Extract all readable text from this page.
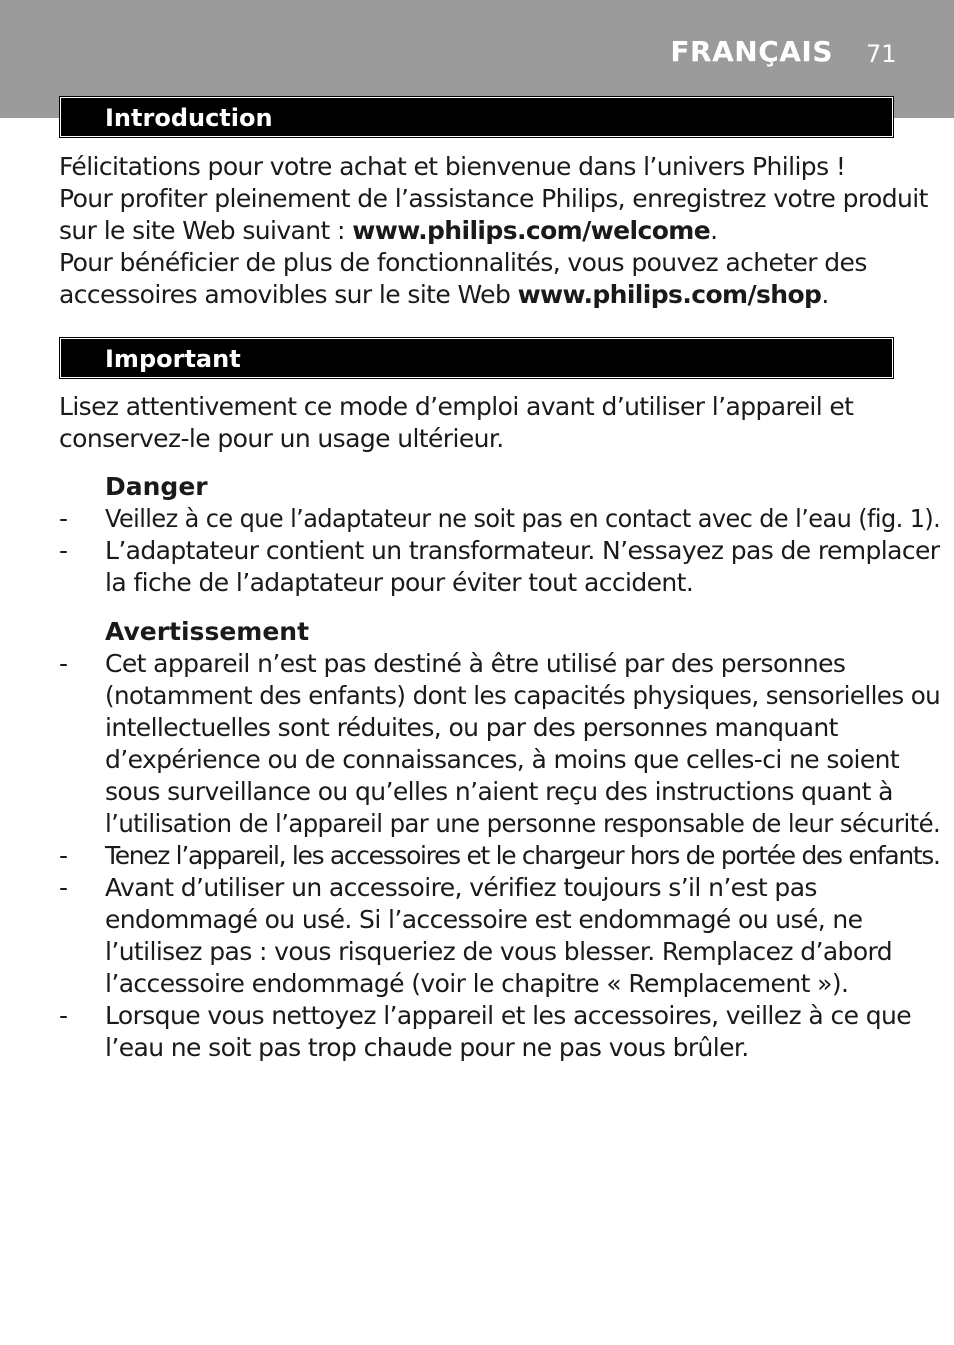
FRANÇAIS 71
Introduction
Félicitations pour votre achat et bienvenue dans l’univers Philips !
Pour profiter pleinement de l’assistance Philips, enregistrez votre produit
sur le site Web suivant : www.philips.com/welcome.
Pour bénéficier de plus de fonctionnalités, vous pouvez acheter des
accessoires amovibles sur le site Web www.philips.com/shop.
Important
Lisez attentivement ce mode d’emploi avant d’utiliser l’appareil et
conservez-le pour un usage ultérieur.
Danger
- Veillez à ce que l’adaptateur ne soit pas en contact avec de l’eau (fig. 1).
- L’adaptateur contient un transformateur. N’essayez pas de remplacer
la fiche de l’adaptateur pour éviter tout accident.
Avertissement
- Cet appareil n’est pas destiné à être utilisé par des personnes
(notamment des enfants) dont les capacités physiques, sensorielles ou
intellectuelles sont réduites, ou par des personnes manquant
d’expérience ou de connaissances, à moins que celles-ci ne soient
sous surveillance ou qu’elles n’aient reçu des instructions quant à
l’utilisation de l’appareil par une personne responsable de leur sécurité.
- Tenez l’appareil, les accessoires et le chargeur hors de portée des enfants.
- Avant d’utiliser un accessoire, vérifiez toujours s’il n’est pas
endommagé ou usé. Si l’accessoire est endommagé ou usé, ne
l’utilisez pas : vous risqueriez de vous blesser. Remplacez d’abord
l’accessoire endommagé (voir le chapitre « Remplacement »).
- Lorsque vous nettoyez l’appareil et les accessoires, veillez à ce que
l’eau ne soit pas trop chaude pour ne pas vous brûler.
